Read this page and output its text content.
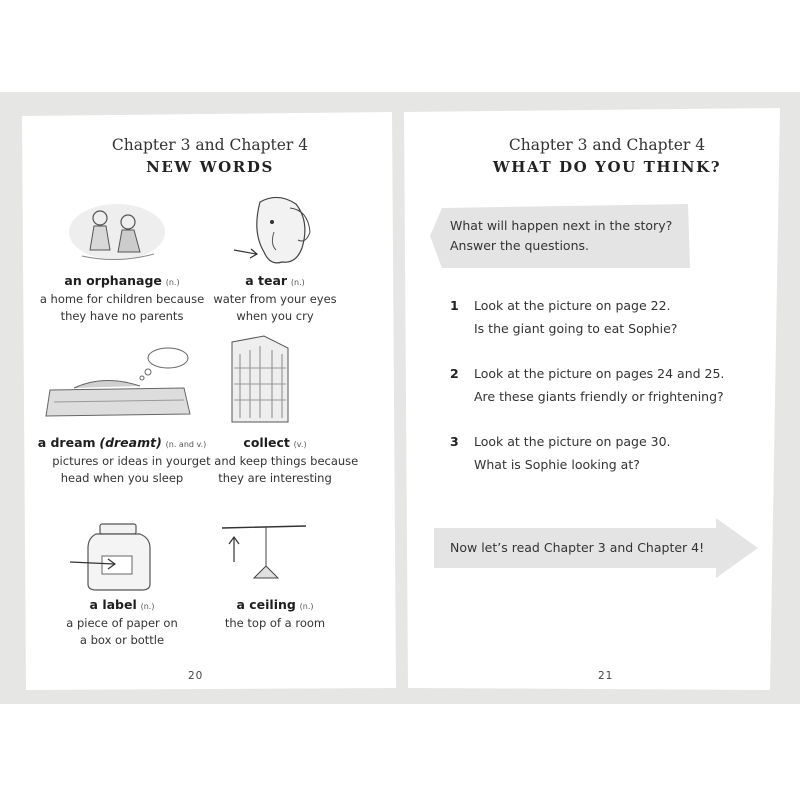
Chapter 3 and Chapter 4
NEW WORDS
an orphanage (n.)
a home for children because
they have no parents
a tear (n.)
water from your eyes
when you cry
a dream (dreamt) (n. and v.)
pictures or ideas in your
head when you sleep
collect (v.)
get and keep things because
they are interesting
a label (n.)
a piece of paper on
a box or bottle
a ceiling (n.)
the top of a room
20
Chapter 3 and Chapter 4
WHAT DO YOU THINK?
What will happen next in the story?
Answer the questions.
1 Look at the picture on page 22.
Is the giant going to eat Sophie?
2 Look at the picture on pages 24 and 25.
Are these giants friendly or frightening?
3 Look at the picture on page 30.
What is Sophie looking at?
Now let’s read Chapter 3 and Chapter 4!
21
